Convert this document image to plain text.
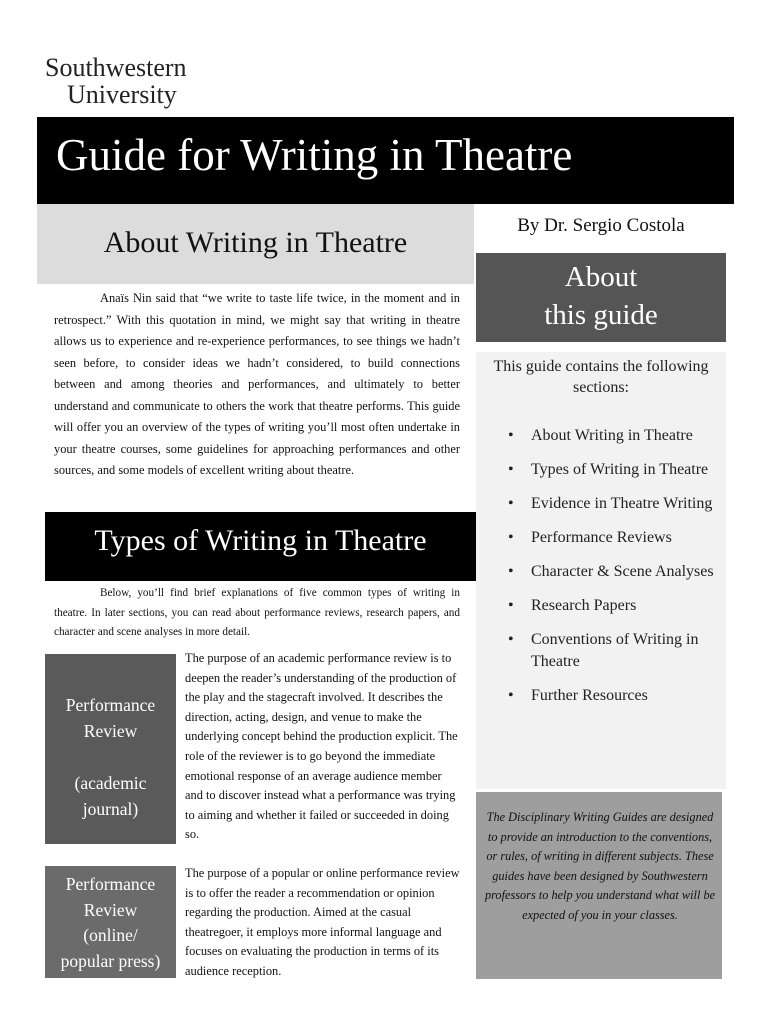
Southwestern
University
Guide for Writing in Theatre
About Writing in Theatre
By Dr. Sergio Costola
About
this guide
Anaïs Nin said that “we write to taste life twice, in the moment and in retrospect.” With this quotation in mind, we might say that writing in theatre allows us to experience and re-experience performances, to see things we hadn’t seen before, to consider ideas we hadn’t considered, to build connections between and among theories and performances, and ultimately to better understand and communicate to others the work that theatre performs. This guide will offer you an overview of the types of writing you’ll most often undertake in your theatre courses, some guidelines for approaching performances and other sources, and some models of excellent writing about theatre.
This guide contains the following sections:
• About Writing in Theatre
• Types of Writing in Theatre
• Evidence in Theatre Writing
• Performance Reviews
• Character & Scene Analyses
• Research Papers
• Conventions of Writing in Theatre
• Further Resources
Types of Writing in Theatre
Below, you’ll find brief explanations of five common types of writing in theatre. In later sections, you can read about performance reviews, research papers, and character and scene analyses in more detail.
Performance
Review

(academic
journal)
The purpose of an academic performance review is to deepen the reader’s understanding of the production of the play and the stagecraft involved. It describes the direction, acting, design, and venue to make the underlying concept behind the production explicit. The role of the reviewer is to go beyond the immediate emotional response of an average audience member and to discover instead what a performance was trying to aiming and whether it failed or succeeded in doing so.
Performance
Review
(online/
popular press)
The purpose of a popular or online performance review is to offer the reader a recommendation or opinion regarding the production. Aimed at the casual theatregoer, it employs more informal language and focuses on evaluating the production in terms of its audience reception.
The Disciplinary Writing Guides are designed to provide an introduction to the conventions, or rules, of writing in different subjects. These guides have been designed by Southwestern professors to help you understand what will be expected of you in your classes.
